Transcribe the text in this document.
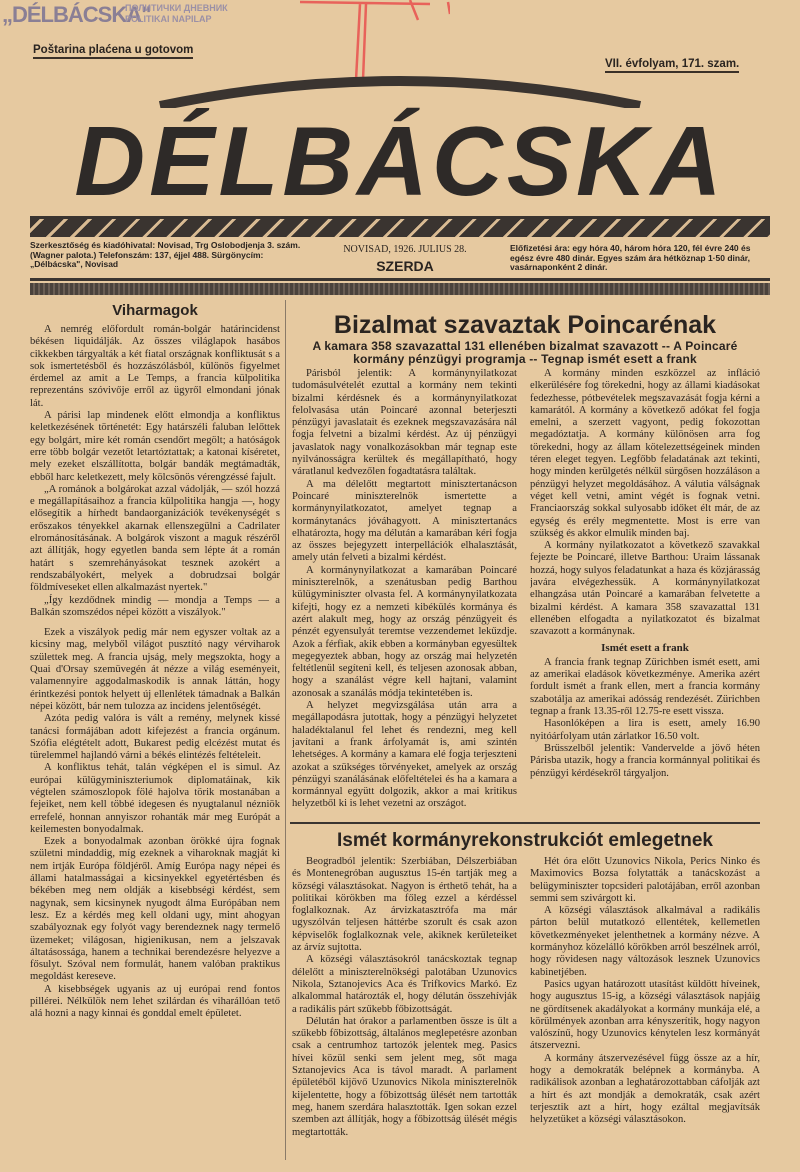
„DÉLBÁCSKA"
ПОЛИТИЧКИ ДНЕВНИК
POLITIKAI NAPILAP
Poštarina plaćena u gotovom
VII. évfolyam, 171. szam.
DÉLBÁCSKA
Szerkesztőség és kiadóhivatal: Novisad, Trg Oslobodjenja 3. szám. (Wagner palota.) Telefonszám: 137, éjjel 488. Sürgönycím: „Délbácska", Novisad
NOVISAD, 1926. JULIUS 28.
SZERDA
Előfizetési ára: egy hóra 40, három hóra 120, fél évre 240 és egész évre 480 dinár. Egyes szám ára hétköznap 1·50 dinár, vasárnaponként 2 dinár.
Viharmagok

A nemrég előfordult román-bolgár határincidenst békésen liquidálják. Az összes világlapok hasábos cikkekben tárgyalták a két fiatal országnak konfliktusát s a sok ismertetésből és hozzászólásból, különös figyelmet érdemel az amit a Le Temps, a francia külpolitika reprezentáns szóvivője erről az ügyről elmondani jónak lát.

A párisi lap mindenek előtt elmondja a konfliktus keletkezésének történetét: Egy határszéli faluban lelőttek egy bolgárt, mire két román csendőrt megölt; a hatóságok erre több bolgár vezetőt letartóztattak; a katonai kíséretet, mely ezeket elszállította, bolgár bandák megtámadták, ebből harc keletkezett, mely kölcsönös vérengzéssé fajult.

„A románok a bolgárokat azzal vádolják, — szól hozzá e megállapításaihoz a francia külpolitika hangja —, hogy elősegítik a hírhedt bandaorganizációk tevékenységét s erőszakos tényekkel akarnak ellenszegülni a Cadrilater elrománosításának. A bolgárok viszont a maguk részéről azt állítják, hogy egyetlen banda sem lépte át a román határt s szemrehányásokat tesznek azokért a rendszabályokért, melyek a dobrudzsai bolgár földmíveseket ellen alkalmazást nyertek."

„Így kezdődnek mindig — mondja a Temps — a Balkán szomszédos népei között a viszályok."

Ezek a viszályok pedig már nem egyszer voltak az a kicsiny mag, melyből világot pusztító nagy vérviharok születtek meg. A francia ujság, mely megszokta, hogy a Quai d'Orsay szemüvegén át nézze a világ eseményeit, valamennyire aggodalmaskodik is annak láttán, hogy érintkezési pontok helyett új ellenlétek támadnak a Balkán népei között, bár nem tulozza az incidens jelentőségét.

Azóta pedig valóra is vált a remény, melynek kissé tanácsi formájában adott kifejezést a francia orgánum. Szófia elégtételt adott, Bukarest pedig elcézést mutat és türelemmel hajlandó várni a békés elintézés feltételeit.

A konfliktus tehát, talán végképen el is simul. Az európai külügyminiszteriumok diplomatáinak, kik végtelen számoszlopok fölé hajolva törik mostanában a fejeiket, nem kell többé idegesen és nyugtalanul nézniök errefelé, honnan annyiszor rohanták már meg Európát a keilemesten bonyodalmak.

Ezek a bonyodalmak azonban örökké újra fognak születni mindaddig, míg ezeknek a viharoknak magját ki nem irtják Európa földjéről. Amíg Európa nagy népei és állami hatalmasságai a kicsinyekkel egyetértésben és békében meg nem oldják a kisebbségi kérdést, sem nagynak, sem kicsinynek nyugodt álma Európában nem lesz. Ez a kérdés meg kell oldani ugy, mint ahogyan szabályoznak egy folyót vagy berendeznek nagy termelő üzemeket; világosan, higienikusan, nem a jelszavak áltatásossága, hanem a technikai berendezésre helyezve a fősulyt. Szóval nem formulát, hanem valóban praktikus megoldást kereseve.

A kisebbségek ugyanis az uj európai rend fontos pillérei. Nélkülök nem lehet szilárdan és viharállóan tető alá hozni a nagy kinnai és gonddal emelt épületet.

Bizalmat szavaztak Poincarénak
A kamara 358 szavazattal 131 ellenében bizalmat szavazott -- A Poincaré kormány pénzügyi programja -- Tegnap ismét esett a frank

Párisból jelentik: A kormánynyilatkozat tudomásulvételét ezuttal a kormány nem tekinti bizalmi kérdésnek és a kormánynyilatkozat felolvasása után Poincaré azonnal beterjeszti pénzügyi javaslatait és ezeknek megszavazására nál fogja felvetni a bizalmi kérdést. Az új pénzügyi javaslatok nagy vonalkozásokban már tegnap este nyilvánosságra kerültek és megállapítható, hogy váratlanul kedvezőlen fogadtatásra találtak.

A ma délelőtt megtartott minisztertanácson Poincaré miniszterelnök ismertette a kormánynyilatkozatot, amelyet tegnap a kormánytanács jóváhagyott. A minisztertanács elhatározta, hogy ma délután a kamarában kéri fogja az összes bejegyzett interpellációk elhalasztását, amely után felveti a bizalmi kérdést.

A kormánynyilatkozat a kamarában Poincaré miniszterelnök, a szenátusban pedig Barthou külügyminiszter olvasta fel. A kormánynyilatkozata kifejti, hogy ez a nemzeti kibékülés kormánya és azért alakult meg, hogy az ország pénzügyeit és pénzét egyensulyát teremtse vezzendemet lekűzdje. Azok a férfiak, akik ebben a kormányban egyesültek megegyeztek abban, hogy az ország mai helyzetén feltétlenül segíteni kell, és teljesen azonosak abban, hogy a szanálást végre kell hajtani, valamint azonosak a szanálás módja tekintetében is.

A helyzet megvizsgálása után arra a megállapodásra jutottak, hogy a pénzügyi helyzetet haladéktalanul fel lehet és rendezni, meg kell javítani a frank árfolyamát is, ami szintén lehetséges. A kormány a kamara elé fogja terjeszteni azokat a szükséges törvényeket, amelyek az ország pénzügyi szanálásának előfeltételei és ha a kamara a kormánnyal együtt dolgozik, akkor a mai kritikus helyzetből ki is lehet vezetni az országot.

A kormány minden eszközzel az infláció elkerülésére fog törekedni, hogy az állami kiadásokat fedezhesse, pótbevételek megszavazását fogja kérni a kamarától. A kormány a következő adókat fel fogja emelni, a szerzett vagyont, pedig fokozottan megadóztatja. A kormány különösen arra fog törekedni, hogy az állam kötelezettségeinek minden téren eleget tegyen. Legfőbb feladatának azt tekinti, hogy minden kerülgetés nélkül sürgősen hozzáláson a pénzügyi helyzet megoldásához. A válutia válságnak véget kell vetni, amint végét is fognak vetni. Franciaország sokkal sulyosabb időket élt már, de az egység és erély megmentette. Most is erre van szükség és akkor elmulik minden baj.

A kormány nyilatkozatot a következő szavakkal fejezte be Poincaré, illetve Barthou: Uraim lássanak hozzá, hogy sulyos feladatunkat a haza és közjárasság javára elvégezhessük. A kormánynyilatkozat elhangzása után Poincaré a kamarában felvetette a bizalmi kérdést. A kamara 358 szavazattal 131 ellenében elfogadta a nyilatkozatot és bizalmat szavazott a kormánynak.

Ismét esett a frank

A francia frank tegnap Zürichben ismét esett, ami az amerikai eladások következménye. Amerika azért fordult ismét a frank ellen, mert a francia kormány szabotálja az amerikai adósság rendezését. Zürichben tegnap a frank 13.35-ről 12.75-re esett vissza.

Hasonlóképen a lira is esett, amely 16.90 nyitóárfolyam után zárlatkor 16.50 volt.

Brüsszelből jelentik: Vandervelde a jövő héten Párisba utazik, hogy a francia kormánnyal politikai és pénzügyi kérdésekről tárgyaljon.

Ismét kormányrekonstrukciót emlegetnek

Beogradból jelentik: Szerbiában, Délszerbiában és Montenegróban augusztus 15-én tartják meg a községi választásokat. Nagyon is érthető tehát, ha a politikai körökben ma főleg ezzel a kérdéssel foglalkoznak. Az árvizkatasztrófa ma már ugyszólván teljesen háttérbe szorult és csak azon képviselők foglalkoznak vele, akiknek kerületeiket az árvíz sujtotta.

A községi választásokról tanácskoztak tegnap délelőtt a miniszterelnökségi palotában Uzunovics Nikola, Sztanojevics Aca és Trifkovics Markó. Ez alkalommal határozták el, hogy délután összehívják a radikális párt szűkebb főbizottságát.

Délután hat órakor a parlamentben össze is ült a szűkebb főbizottság, általános meglepetésre azonban csak a centrumhoz tartozók jelentek meg. Pasics hívei közül senki sem jelent meg, sőt maga Sztanojevics Aca is távol maradt. A parlament épületéből kijövő Uzunovics Nikola miniszterelnök kijelentette, hogy a főbizottság ülését nem tartották meg, hanem szerdára halasztották. Igen sokan ezzel szemben azt állítják, hogy a főbizottság ülését mégis megtartották.

Hét óra előtt Uzunovics Nikola, Perics Ninko és Maximovics Bozsa folytatták a tanácskozást a belügyminiszter topcsideri palotájában, erről azonban semmi sem szivárgott ki.

A községi választások alkalmával a radikális párton belül mutatkozó ellentétek, kellemetlen következményeket jelenthetnek a kormány nézve. A kormányhoz közelálló körökben arról beszélnek arról, hogy rövidesen nagy változások lesznek Uzunovics kabinetjében.

Pasics ugyan határozott utasítást küldött híveinek, hogy augusztus 15-ig, a községi választások napjáig ne gördítsenek akadályokat a kormány munkája elé, a körülmények azonban arra kényszerítik, hogy nagyon valószínű, hogy Uzunovics kénytelen lesz kormányát átszervezni.

A kormány átszervezésével függ össze az a hír, hogy a demokraták belépnek a kormányba. A radikálisok azonban a leghatározottabban cáfolják azt a hírt és azt mondják a demokraták, csak azért terjesztik azt a hírt, hogy ezáltal megjavítsák helyzetüket a községi választásokon.
